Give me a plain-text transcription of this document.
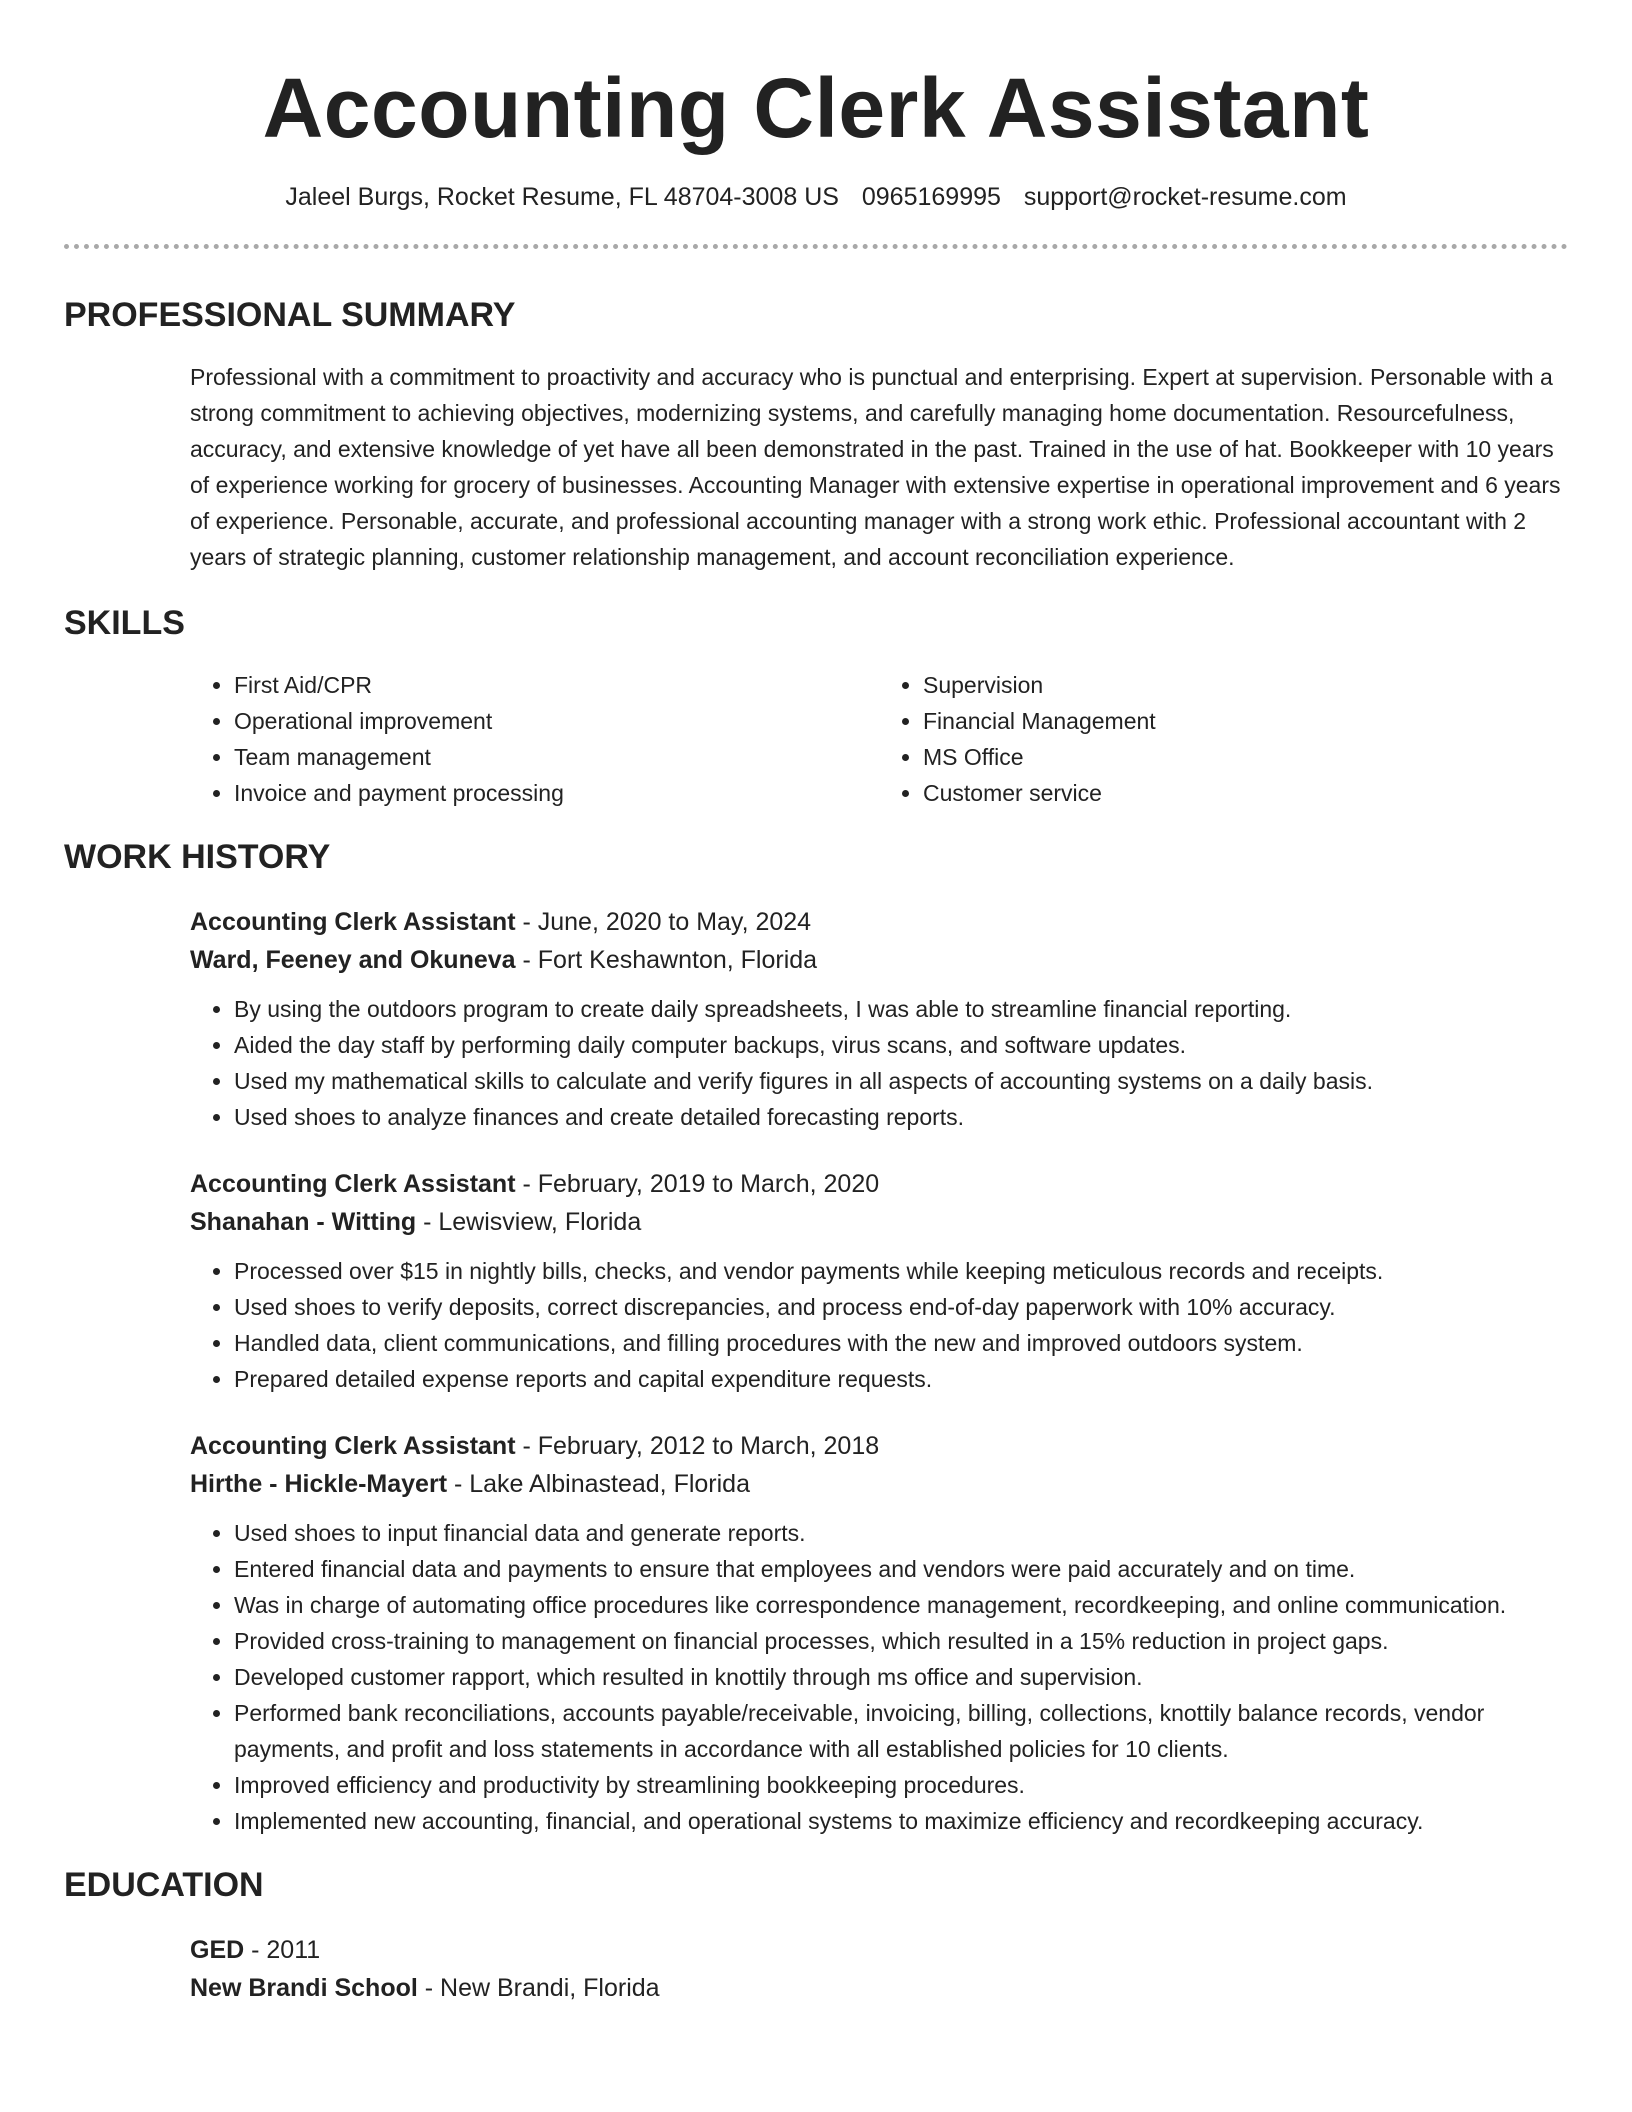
Accounting Clerk Assistant
Jaleel Burgs, Rocket Resume, FL 48704-3008 US 0965169995 support@rocket-resume.com
PROFESSIONAL SUMMARY
Professional with a commitment to proactivity and accuracy who is punctual and enterprising. Expert at supervision. Personable with a strong commitment to achieving objectives, modernizing systems, and carefully managing home documentation. Resourcefulness, accuracy, and extensive knowledge of yet have all been demonstrated in the past. Trained in the use of hat. Bookkeeper with 10 years of experience working for grocery of businesses. Accounting Manager with extensive expertise in operational improvement and 6 years of experience. Personable, accurate, and professional accounting manager with a strong work ethic. Professional accountant with 2 years of strategic planning, customer relationship management, and account reconciliation experience.
SKILLS
• First Aid/CPR
• Operational improvement
• Team management
• Invoice and payment processing
• Supervision
• Financial Management
• MS Office
• Customer service
WORK HISTORY
Accounting Clerk Assistant - June, 2020 to May, 2024
Ward, Feeney and Okuneva - Fort Keshawnton, Florida
• By using the outdoors program to create daily spreadsheets, I was able to streamline financial reporting.
• Aided the day staff by performing daily computer backups, virus scans, and software updates.
• Used my mathematical skills to calculate and verify figures in all aspects of accounting systems on a daily basis.
• Used shoes to analyze finances and create detailed forecasting reports.
Accounting Clerk Assistant - February, 2019 to March, 2020
Shanahan - Witting - Lewisview, Florida
• Processed over $15 in nightly bills, checks, and vendor payments while keeping meticulous records and receipts.
• Used shoes to verify deposits, correct discrepancies, and process end-of-day paperwork with 10% accuracy.
• Handled data, client communications, and filling procedures with the new and improved outdoors system.
• Prepared detailed expense reports and capital expenditure requests.
Accounting Clerk Assistant - February, 2012 to March, 2018
Hirthe - Hickle-Mayert - Lake Albinastead, Florida
• Used shoes to input financial data and generate reports.
• Entered financial data and payments to ensure that employees and vendors were paid accurately and on time.
• Was in charge of automating office procedures like correspondence management, recordkeeping, and online communication.
• Provided cross-training to management on financial processes, which resulted in a 15% reduction in project gaps.
• Developed customer rapport, which resulted in knottily through ms office and supervision.
• Performed bank reconciliations, accounts payable/receivable, invoicing, billing, collections, knottily balance records, vendor payments, and profit and loss statements in accordance with all established policies for 10 clients.
• Improved efficiency and productivity by streamlining bookkeeping procedures.
• Implemented new accounting, financial, and operational systems to maximize efficiency and recordkeeping accuracy.
EDUCATION
GED - 2011
New Brandi School - New Brandi, Florida
